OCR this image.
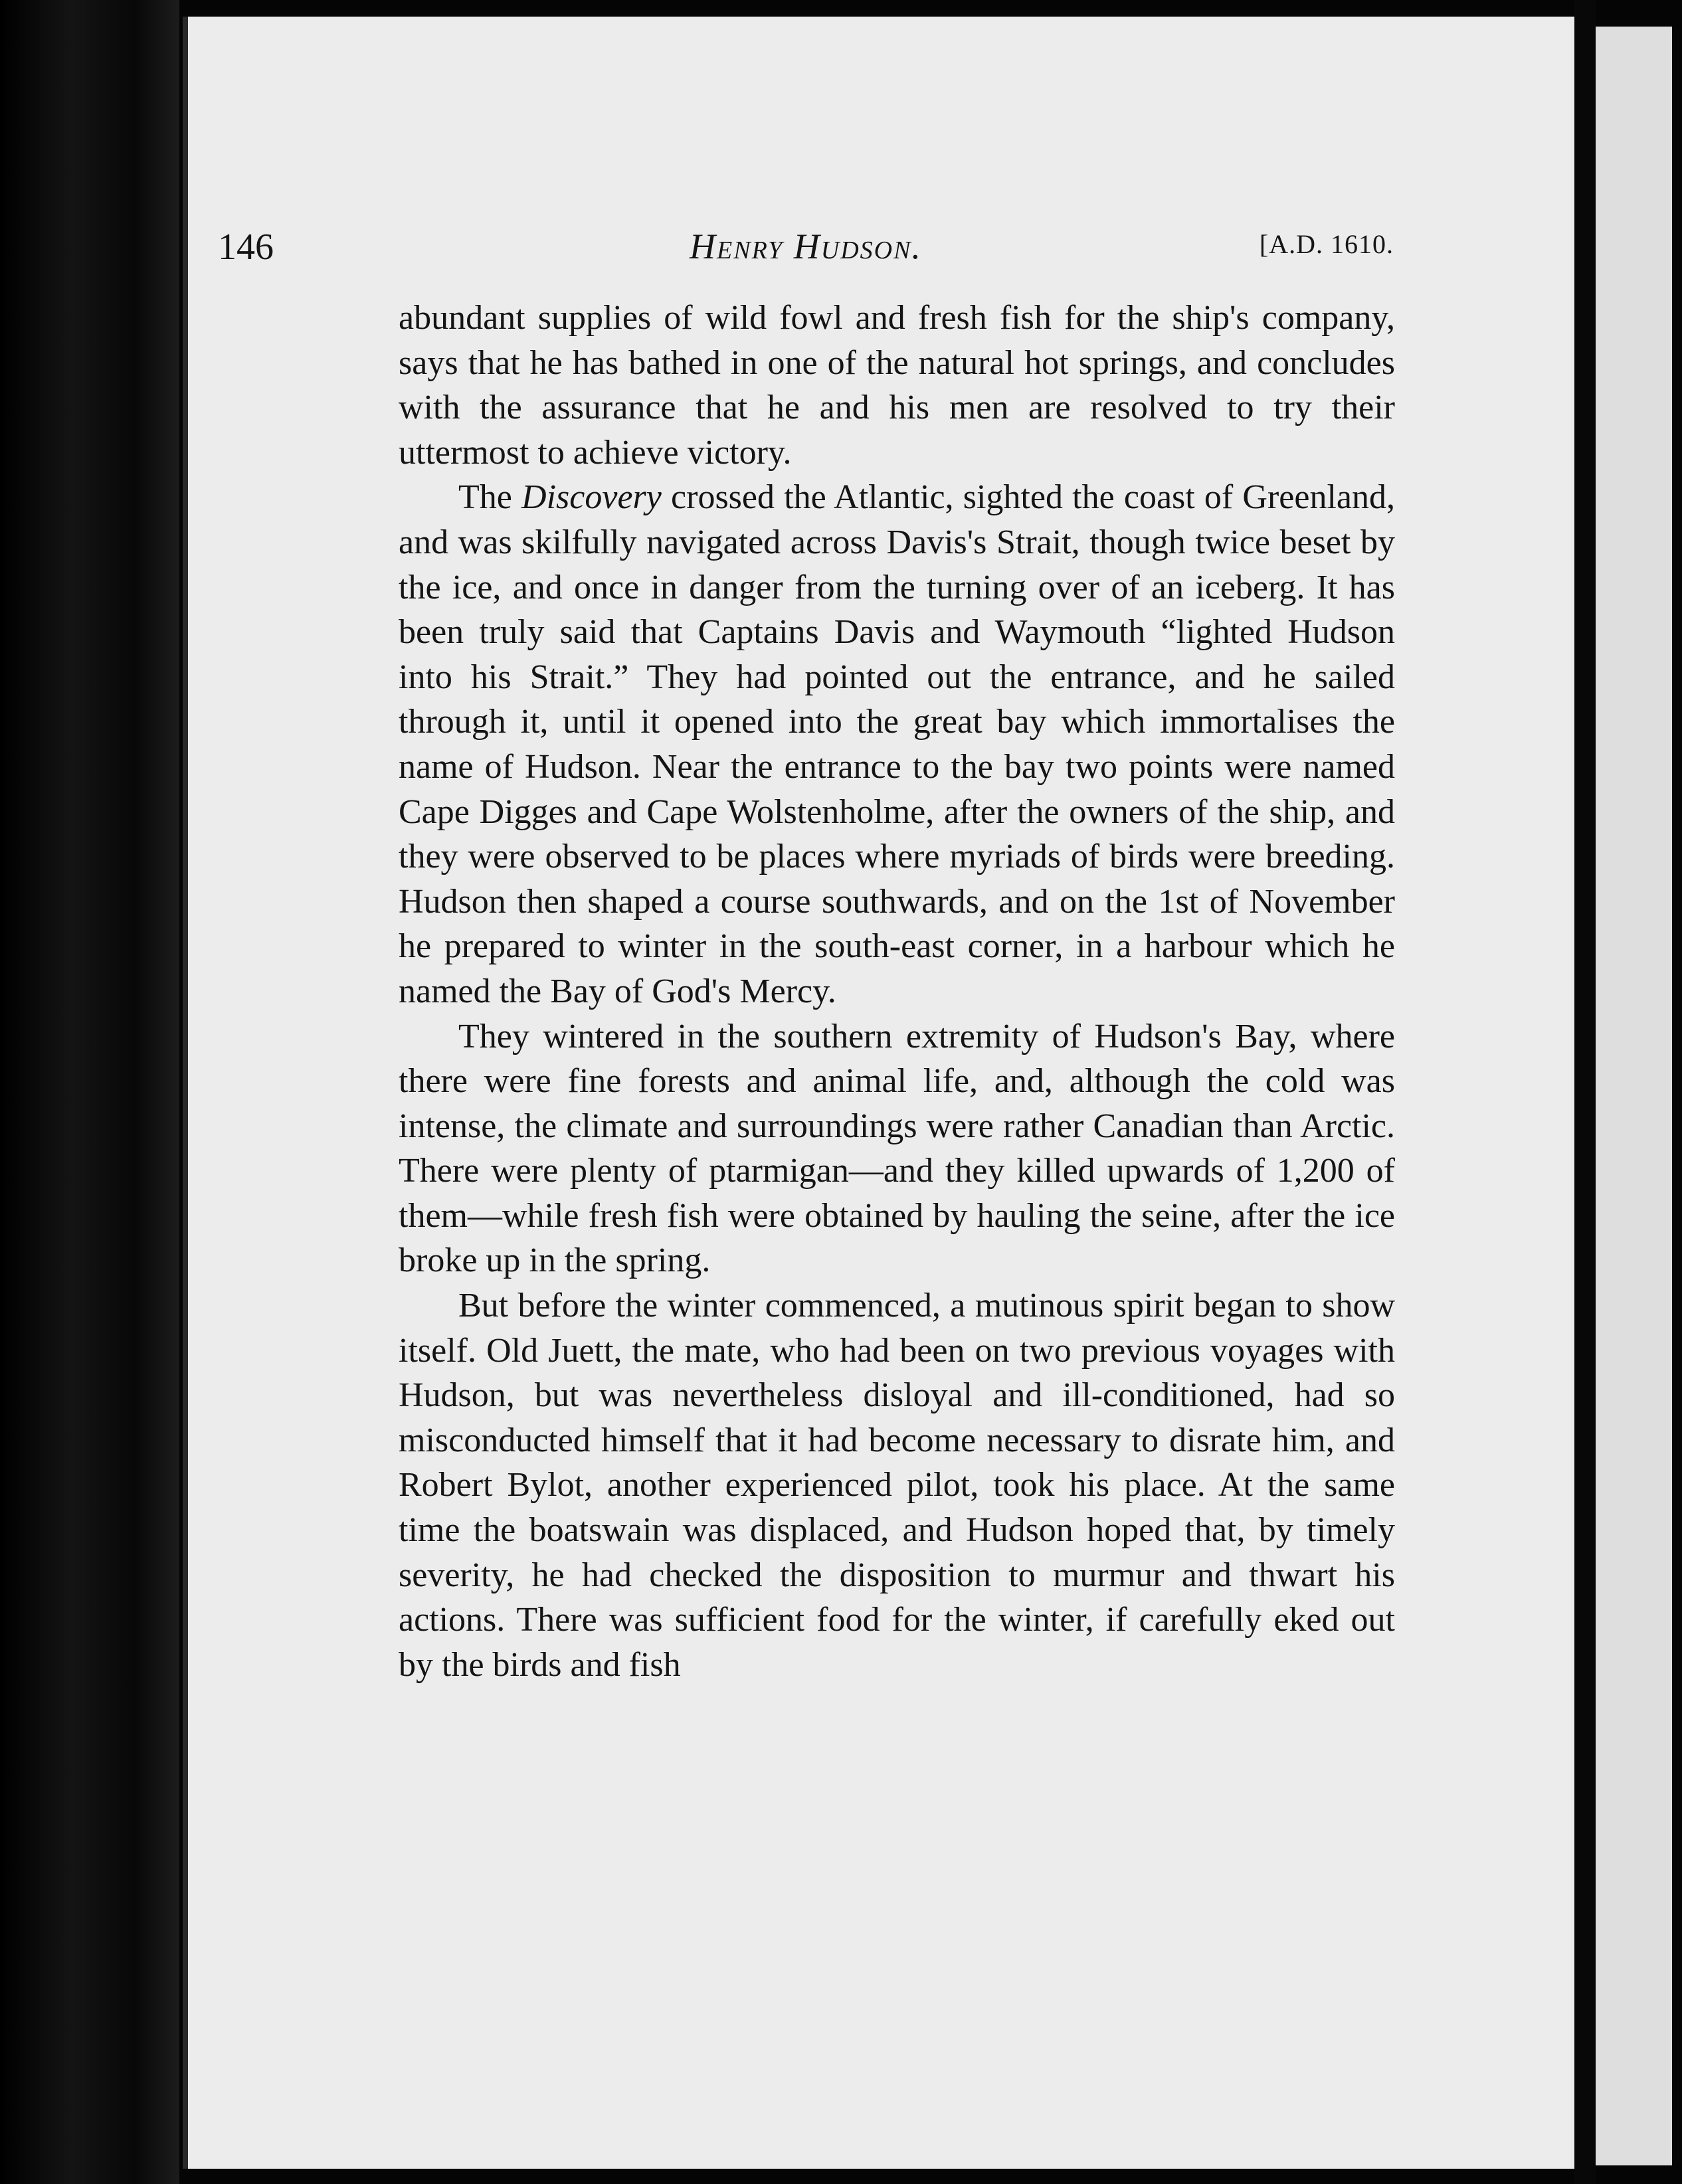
146	Henry Hudson.	[A.D. 1610.

abundant supplies of wild fowl and fresh fish for the ship's company, says that he has bathed in one of the natural hot springs, and concludes with the assurance that he and his men are resolved to try their uttermost to achieve victory.

The Discovery crossed the Atlantic, sighted the coast of Greenland, and was skilfully navigated across Davis's Strait, though twice beset by the ice, and once in danger from the turning over of an iceberg. It has been truly said that Captains Davis and Waymouth “lighted Hudson into his Strait.” They had pointed out the entrance, and he sailed through it, until it opened into the great bay which immortalises the name of Hudson. Near the entrance to the bay two points were named Cape Digges and Cape Wolstenholme, after the owners of the ship, and they were observed to be places where myriads of birds were breeding. Hudson then shaped a course southwards, and on the 1st of November he prepared to winter in the south-east corner, in a harbour which he named the Bay of God's Mercy.

They wintered in the southern extremity of Hudson's Bay, where there were fine forests and animal life, and, although the cold was intense, the climate and surroundings were rather Canadian than Arctic. There were plenty of ptarmigan—and they killed upwards of 1,200 of them—while fresh fish were obtained by hauling the seine, after the ice broke up in the spring.

But before the winter commenced, a mutinous spirit began to show itself. Old Juett, the mate, who had been on two previous voyages with Hudson, but was nevertheless disloyal and ill-conditioned, had so misconducted himself that it had become necessary to disrate him, and Robert Bylot, another experienced pilot, took his place. At the same time the boatswain was displaced, and Hudson hoped that, by timely severity, he had checked the disposition to murmur and thwart his actions. There was sufficient food for the winter, if carefully eked out by the birds and fish
